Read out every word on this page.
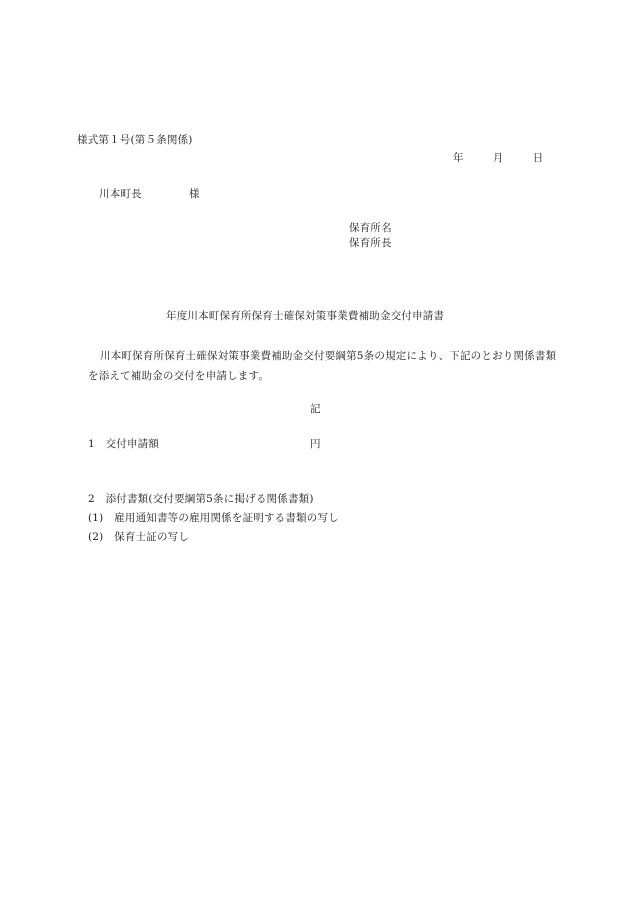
様式第１号(第５条関係)
年	月	日
川本町長	様
保育所名
保育所長
年度川本町保育所保育士確保対策事業費補助金交付申請書
川本町保育所保育士確保対策事業費補助金交付要綱第5条の規定により、下記のとおり関係書類を添えて補助金の交付を申請します。
記
1　交付申請額	円
2　添付書類(交付要綱第5条に掲げる関係書類)
(1)　雇用通知書等の雇用関係を証明する書類の写し
(2)　保育士証の写し
